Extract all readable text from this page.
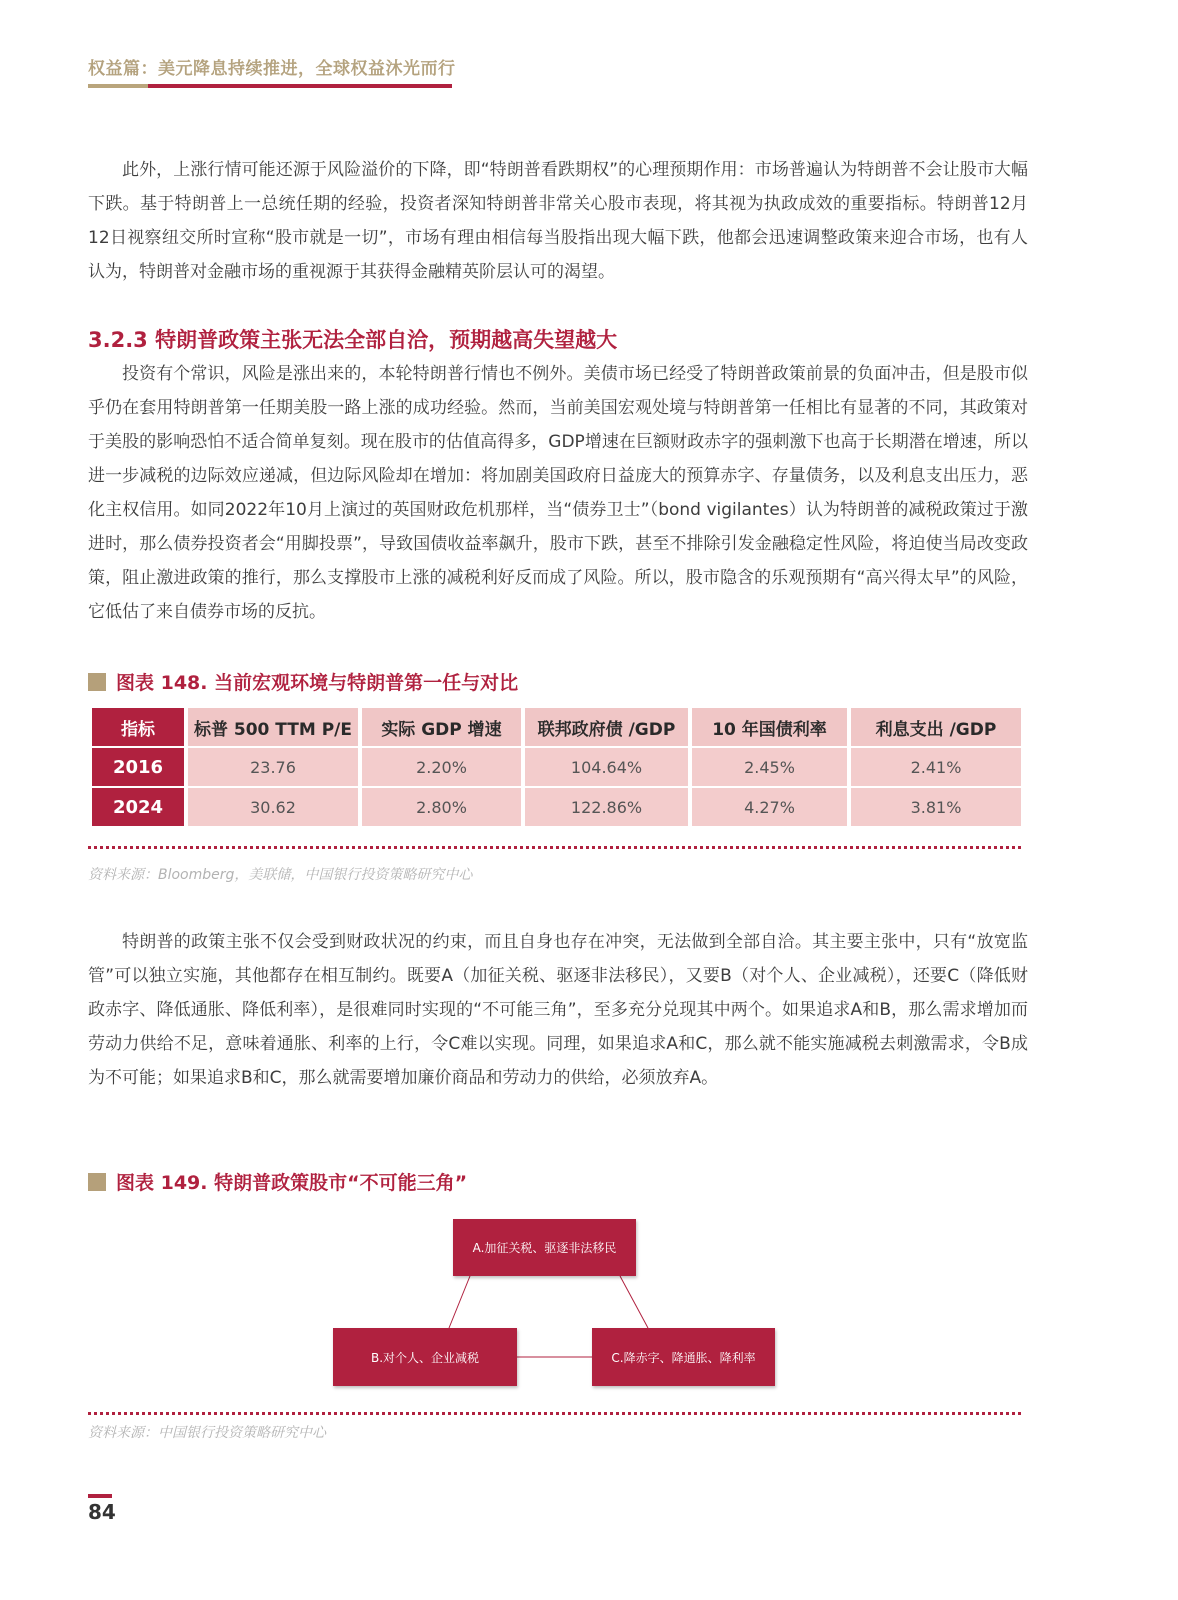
权益篇：美元降息持续推进，全球权益沐光而行

此外，上涨行情可能还源于风险溢价的下降，即“特朗普看跌期权”的心理预期作用：市场普遍认为特朗普不会让股市大幅下跌。基于特朗普上一总统任期的经验，投资者深知特朗普非常关心股市表现，将其视为执政成效的重要指标。特朗普12月12日视察纽交所时宣称“股市就是一切”，市场有理由相信每当股指出现大幅下跌，他都会迅速调整政策来迎合市场，也有人认为，特朗普对金融市场的重视源于其获得金融精英阶层认可的渴望。

3.2.3 特朗普政策主张无法全部自洽，预期越高失望越大

投资有个常识，风险是涨出来的，本轮特朗普行情也不例外。美债市场已经受了特朗普政策前景的负面冲击，但是股市似乎仍在套用特朗普第一任期美股一路上涨的成功经验。然而，当前美国宏观处境与特朗普第一任相比有显著的不同，其政策对于美股的影响恐怕不适合简单复刻。现在股市的估值高得多，GDP增速在巨额财政赤字的强刺激下也高于长期潜在增速，所以进一步减税的边际效应递减，但边际风险却在增加：将加剧美国政府日益庞大的预算赤字、存量债务，以及利息支出压力，恶化主权信用。如同2022年10月上演过的英国财政危机那样，当“债券卫士”（bond vigilantes）认为特朗普的减税政策过于激进时，那么债券投资者会“用脚投票”，导致国债收益率飙升，股市下跌，甚至不排除引发金融稳定性风险，将迫使当局改变政策，阻止激进政策的推行，那么支撑股市上涨的减税利好反而成了风险。所以，股市隐含的乐观预期有“高兴得太早”的风险，它低估了来自债券市场的反抗。

图表 148. 当前宏观环境与特朗普第一任与对比
指标	标普 500 TTM P/E	实际 GDP 增速	联邦政府债 /GDP	10 年国债利率	利息支出 /GDP
2016	23.76	2.20%	104.64%	2.45%	2.41%
2024	30.62	2.80%	122.86%	4.27%	3.81%
资料来源：Bloomberg，美联储，中国银行投资策略研究中心

特朗普的政策主张不仅会受到财政状况的约束，而且自身也存在冲突，无法做到全部自洽。其主要主张中，只有“放宽监管”可以独立实施，其他都存在相互制约。既要A（加征关税、驱逐非法移民），又要B（对个人、企业减税），还要C（降低财政赤字、降低通胀、降低利率），是很难同时实现的“不可能三角”，至多充分兑现其中两个。如果追求A和B，那么需求增加而劳动力供给不足，意味着通胀、利率的上行，令C难以实现。同理，如果追求A和C，那么就不能实施减税去刺激需求，令B成为不可能；如果追求B和C，那么就需要增加廉价商品和劳动力的供给，必须放弃A。

图表 149. 特朗普政策股市“不可能三角”
A.加征关税、驱逐非法移民
B.对个人、企业减税	C.降赤字、降通胀、降利率
资料来源：中国银行投资策略研究中心
84
